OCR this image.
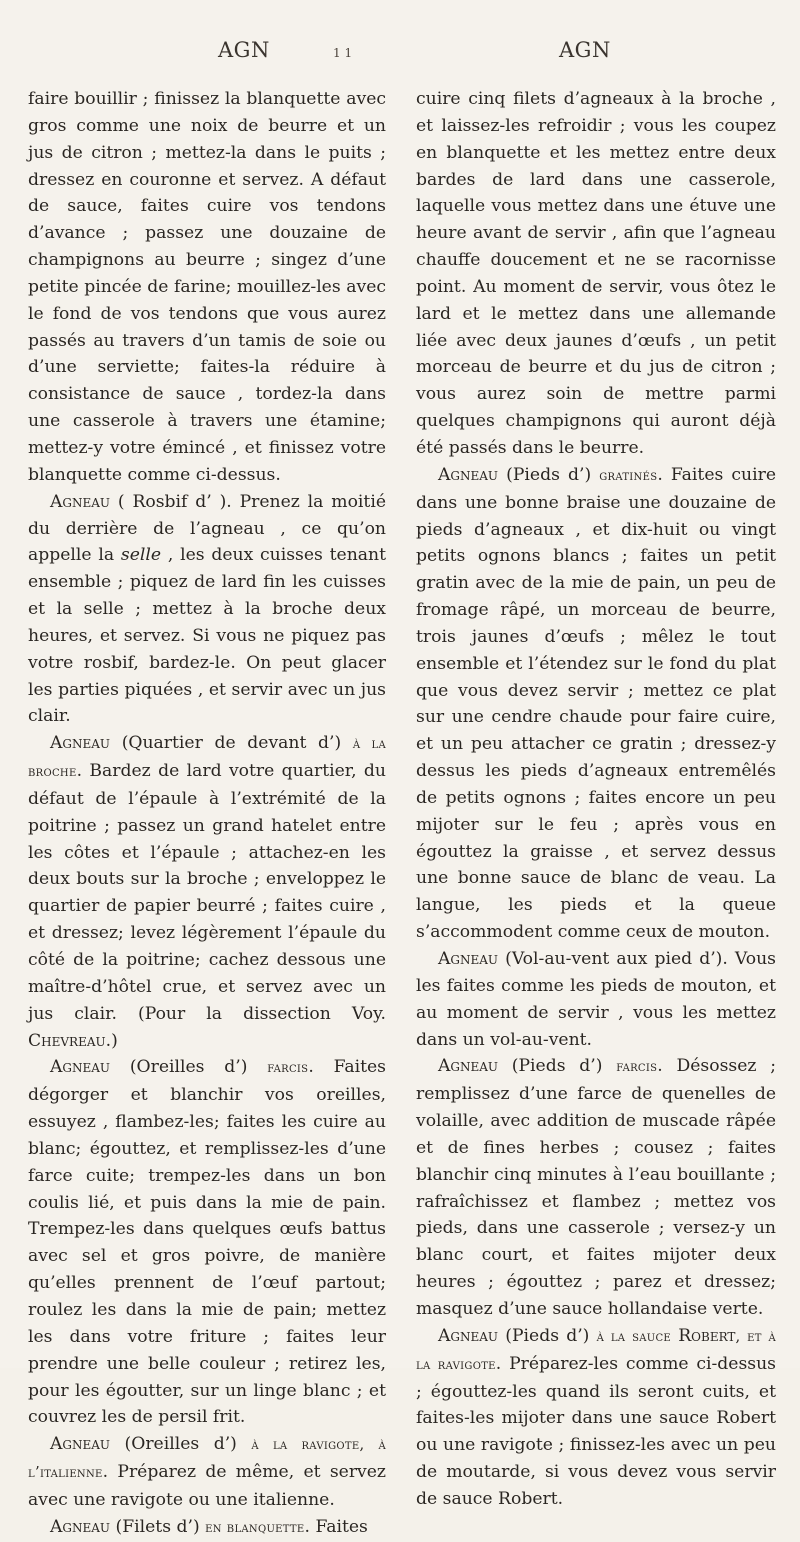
AGN	1 1	AGN

faire bouillir ; finissez la blanquette avec gros comme une noix de beurre et un jus de citron ; mettez-la dans le puits ; dressez en couronne et servez. A défaut de sauce, faites cuire vos tendons d’avance ; passez une douzaine de champignons au beurre ; singez d’une petite pincée de farine; mouillez-les avec le fond de vos tendons que vous aurez passés au travers d’un tamis de soie ou d’une serviette; faites-la réduire à consistance de sauce , tordez-la dans une casserole à travers une étamine; mettez-y votre émincé , et finissez votre blanquette comme ci-dessus.

Agneau ( Rosbif d’ ). Prenez la moitié du derrière de l’agneau , ce qu’on appelle la selle , les deux cuisses tenant ensemble ; piquez de lard fin les cuisses et la selle ; mettez à la broche deux heures, et servez. Si vous ne piquez pas votre rosbif, bardez-le. On peut glacer les parties piquées , et servir avec un jus clair.

Agneau (Quartier de devant d’) à la broche. Bardez de lard votre quartier, du défaut de l’épaule à l’extrémité de la poitrine ; passez un grand hatelet entre les côtes et l’épaule ; attachez-en les deux bouts sur la broche ; enveloppez le quartier de papier beurré ; faites cuire , et dressez; levez légèrement l’épaule du côté de la poitrine; cachez dessous une maître-d’hôtel crue, et servez avec un jus clair. (Pour la dissection Voy. Chevreau.)

Agneau (Oreilles d’) farcis. Faites dégorger et blanchir vos oreilles, essuyez , flambez-les; faites les cuire au blanc; égouttez, et remplissez-les d’une farce cuite; trempez-les dans un bon coulis lié, et puis dans la mie de pain. Trempez-les dans quelques œufs battus avec sel et gros poivre, de manière qu’elles prennent de l’œuf partout; roulez les dans la mie de pain; mettez les dans votre friture ; faites leur prendre une belle couleur ; retirez les, pour les égoutter, sur un linge blanc ; et couvrez les de persil frit.

Agneau (Oreilles d’) à la ravigote, à l’italienne. Préparez de même, et servez avec une ravigote ou une italienne.

Agneau (Filets d’) en blanquette. Faites

cuire cinq filets d’agneaux à la broche , et laissez-les refroidir ; vous les coupez en blanquette et les mettez entre deux bardes de lard dans une casserole, laquelle vous mettez dans une étuve une heure avant de servir , afin que l’agneau chauffe doucement et ne se racornisse point. Au moment de servir, vous ôtez le lard et le mettez dans une allemande liée avec deux jaunes d’œufs , un petit morceau de beurre et du jus de citron ; vous aurez soin de mettre parmi quelques champignons qui auront déjà été passés dans le beurre.

Agneau (Pieds d’) gratinés. Faites cuire dans une bonne braise une douzaine de pieds d’agneaux , et dix-huit ou vingt petits ognons blancs ; faites un petit gratin avec de la mie de pain, un peu de fromage râpé, un morceau de beurre, trois jaunes d’œufs ; mêlez le tout ensemble et l’étendez sur le fond du plat que vous devez servir ; mettez ce plat sur une cendre chaude pour faire cuire, et un peu attacher ce gratin ; dressez-y dessus les pieds d’agneaux entremêlés de petits ognons ; faites encore un peu mijoter sur le feu ; après vous en égouttez la graisse , et servez dessus une bonne sauce de blanc de veau. La langue, les pieds et la queue s’accommodent comme ceux de mouton.

Agneau (Vol-au-vent aux pied d’). Vous les faites comme les pieds de mouton, et au moment de servir , vous les mettez dans un vol-au-vent.

Agneau (Pieds d’) farcis. Désossez ; remplissez d’une farce de quenelles de volaille, avec addition de muscade râpée et de fines herbes ; cousez ; faites blanchir cinq minutes à l’eau bouillante ; rafraîchissez et flambez ; mettez vos pieds, dans une casserole ; versez-y un blanc court, et faites mijoter deux heures ; égouttez ; parez et dressez; masquez d’une sauce hollandaise verte.

Agneau (Pieds d’) à la sauce Robert, et à la ravigote. Préparez-les comme ci-dessus ; égouttez-les quand ils seront cuits, et faites-les mijoter dans une sauce Robert ou une ravigote ; finissez-les avec un peu de moutarde, si vous devez vous servir de sauce Robert.
